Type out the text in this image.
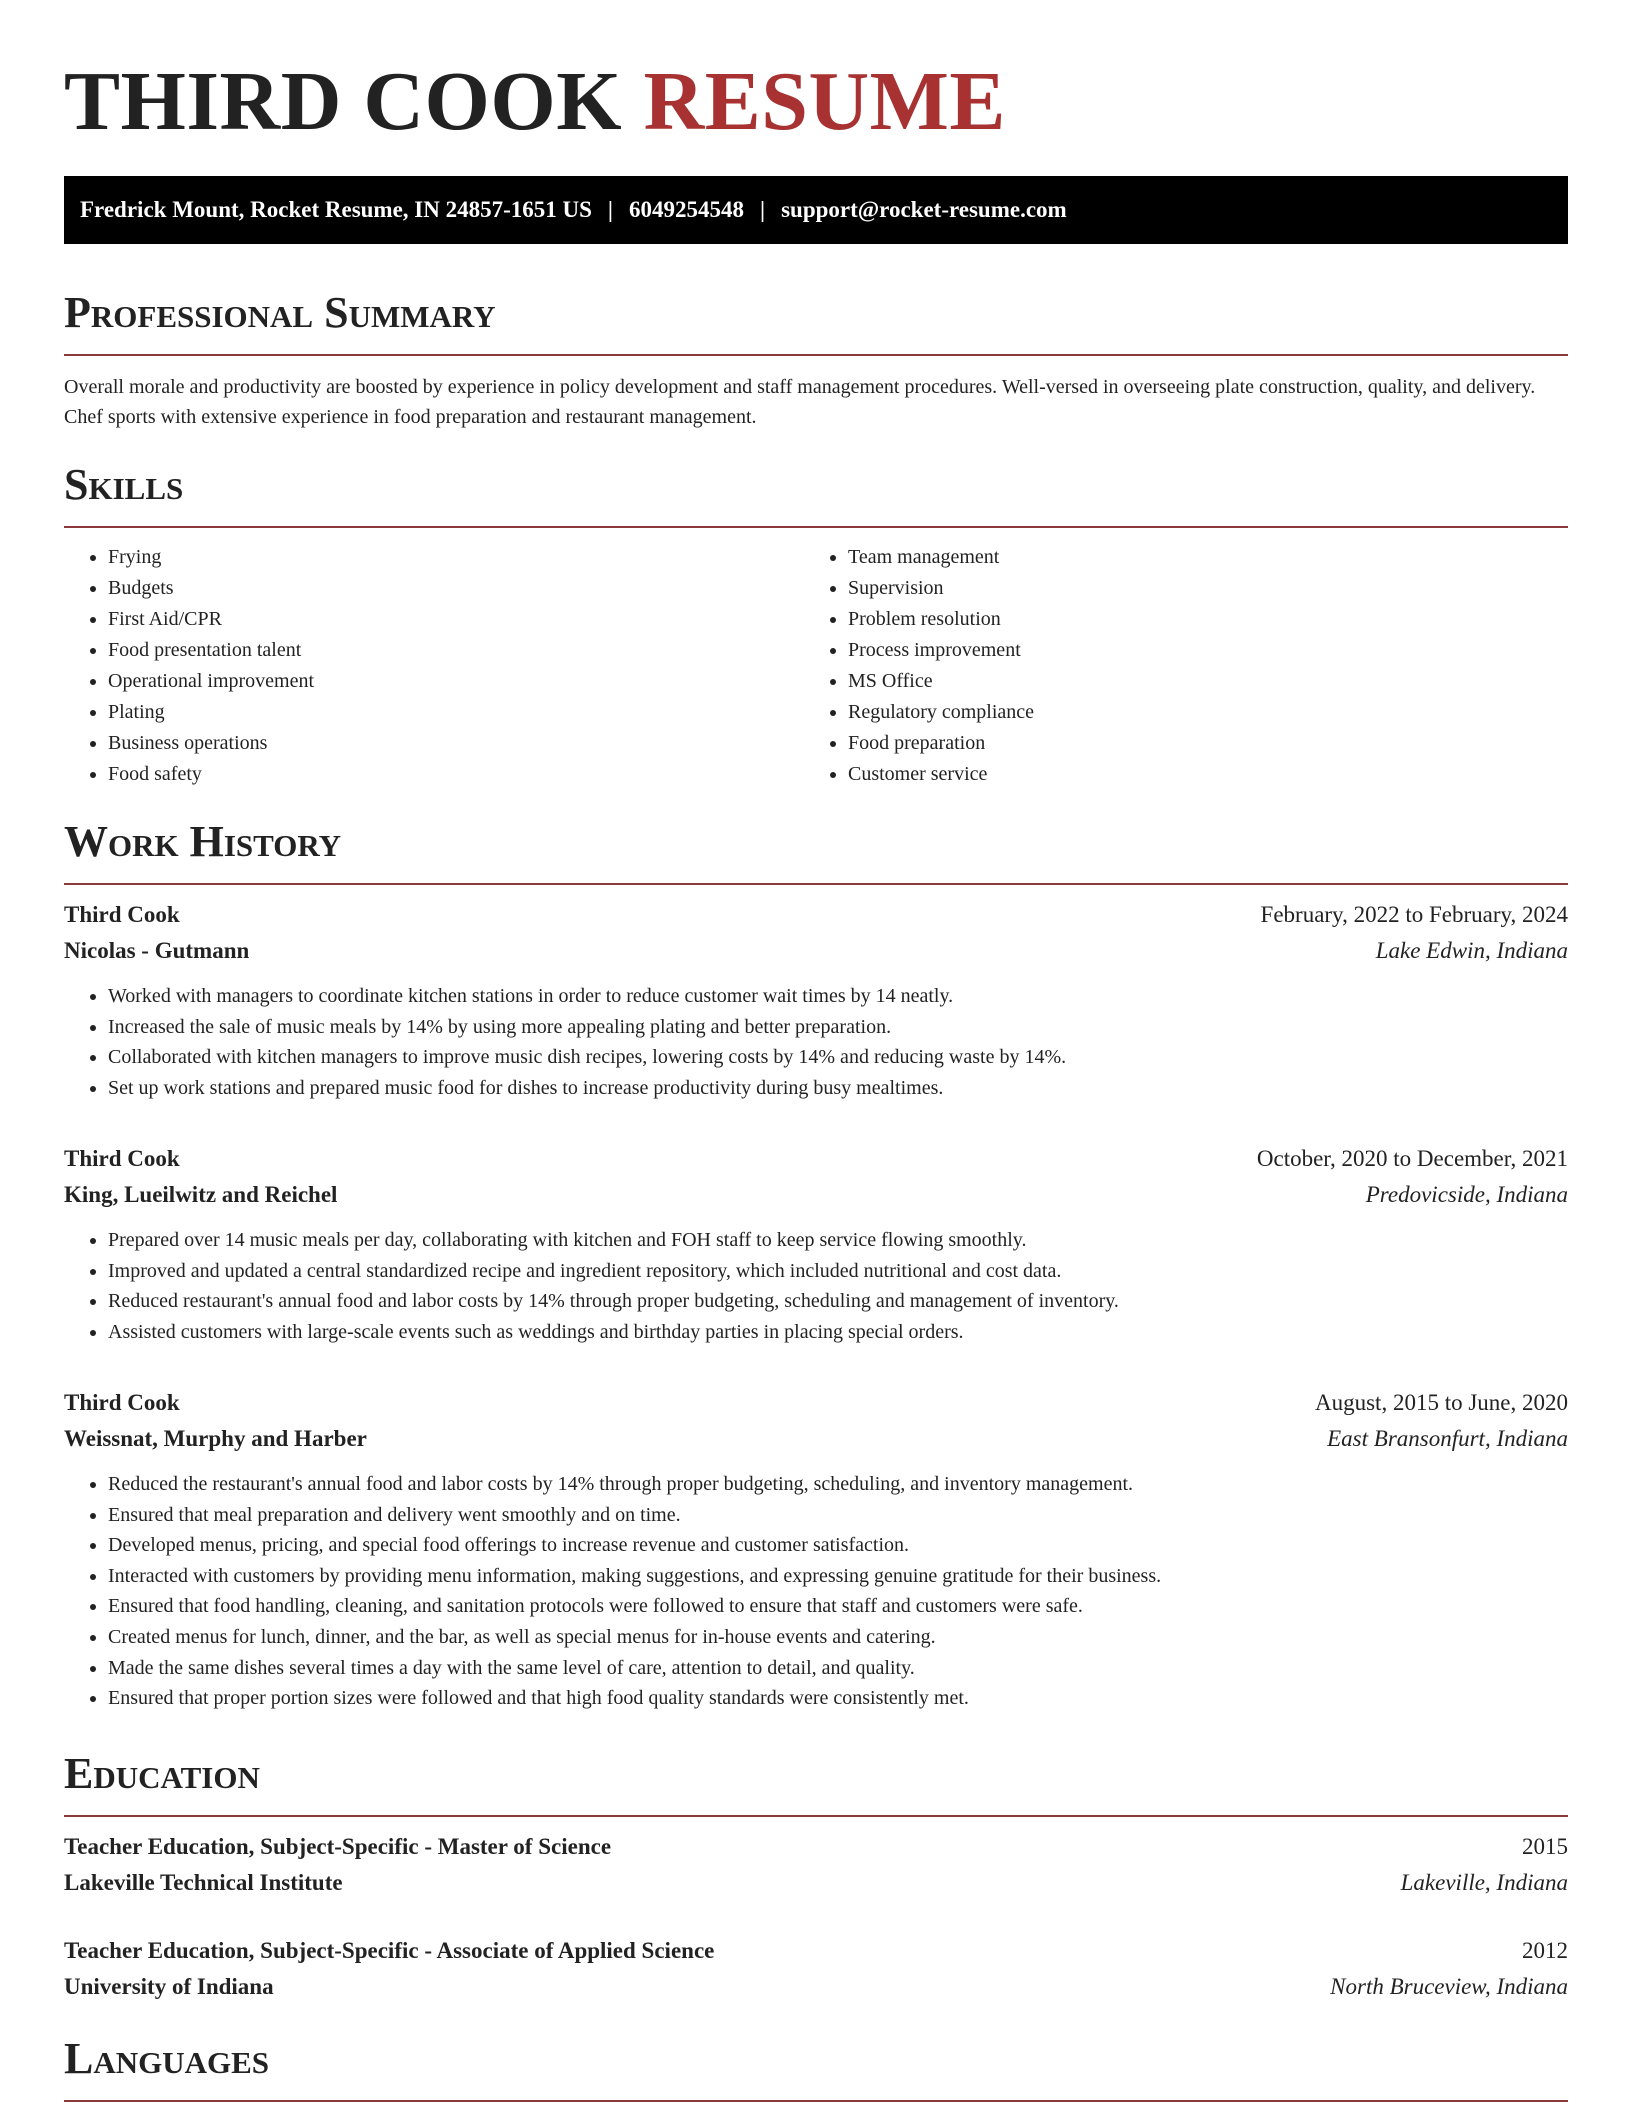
THIRD COOK RESUME
Fredrick Mount, Rocket Resume, IN 24857-1651 US | 6049254548 | support@rocket-resume.com
Professional Summary
Overall morale and productivity are boosted by experience in policy development and staff management procedures. Well-versed in overseeing plate construction, quality, and delivery. Chef sports with extensive experience in food preparation and restaurant management.
Skills
• Frying
• Budgets
• First Aid/CPR
• Food presentation talent
• Operational improvement
• Plating
• Business operations
• Food safety
• Team management
• Supervision
• Problem resolution
• Process improvement
• MS Office
• Regulatory compliance
• Food preparation
• Customer service
Work History
Third Cook	February, 2022 to February, 2024
Nicolas - Gutmann	Lake Edwin, Indiana
• Worked with managers to coordinate kitchen stations in order to reduce customer wait times by 14 neatly.
• Increased the sale of music meals by 14% by using more appealing plating and better preparation.
• Collaborated with kitchen managers to improve music dish recipes, lowering costs by 14% and reducing waste by 14%.
• Set up work stations and prepared music food for dishes to increase productivity during busy mealtimes.
Third Cook	October, 2020 to December, 2021
King, Lueilwitz and Reichel	Predovicside, Indiana
• Prepared over 14 music meals per day, collaborating with kitchen and FOH staff to keep service flowing smoothly.
• Improved and updated a central standardized recipe and ingredient repository, which included nutritional and cost data.
• Reduced restaurant's annual food and labor costs by 14% through proper budgeting, scheduling and management of inventory.
• Assisted customers with large-scale events such as weddings and birthday parties in placing special orders.
Third Cook	August, 2015 to June, 2020
Weissnat, Murphy and Harber	East Bransonfurt, Indiana
• Reduced the restaurant's annual food and labor costs by 14% through proper budgeting, scheduling, and inventory management.
• Ensured that meal preparation and delivery went smoothly and on time.
• Developed menus, pricing, and special food offerings to increase revenue and customer satisfaction.
• Interacted with customers by providing menu information, making suggestions, and expressing genuine gratitude for their business.
• Ensured that food handling, cleaning, and sanitation protocols were followed to ensure that staff and customers were safe.
• Created menus for lunch, dinner, and the bar, as well as special menus for in-house events and catering.
• Made the same dishes several times a day with the same level of care, attention to detail, and quality.
• Ensured that proper portion sizes were followed and that high food quality standards were consistently met.
Education
Teacher Education, Subject-Specific - Master of Science	2015
Lakeville Technical Institute	Lakeville, Indiana
Teacher Education, Subject-Specific - Associate of Applied Science	2012
University of Indiana	North Bruceview, Indiana
Languages
